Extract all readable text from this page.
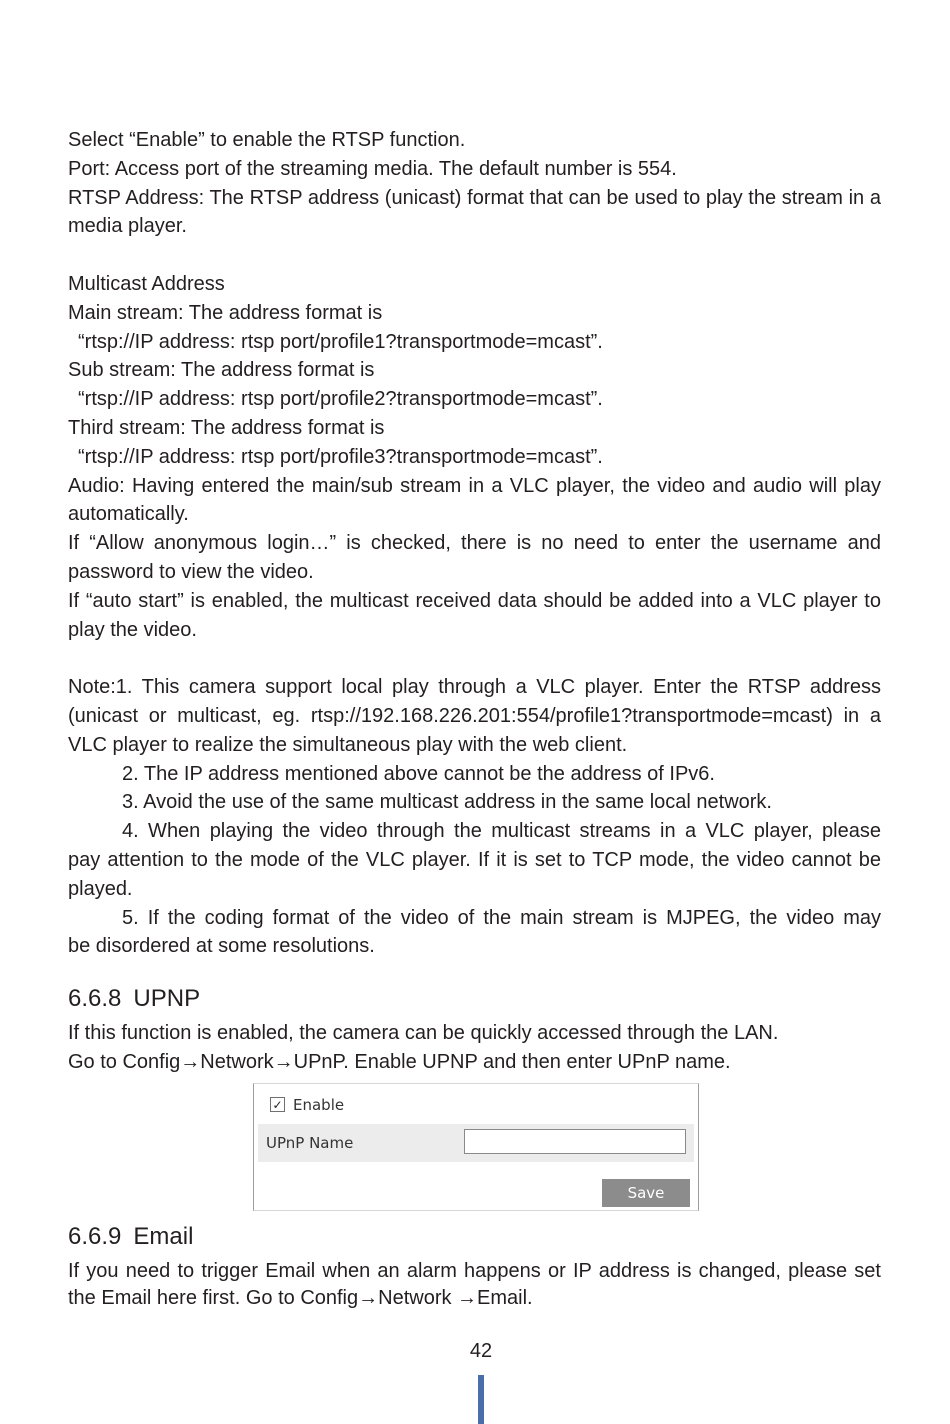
Select “Enable” to enable the RTSP function.

Port: Access port of the streaming media. The default number is 554.

RTSP Address: The RTSP address (unicast) format that can be used to play the stream in a media player.

Multicast Address

Main stream: The address format is

“rtsp://IP address: rtsp port/profile1?transportmode=mcast”.

Sub stream: The address format is

“rtsp://IP address: rtsp port/profile2?transportmode=mcast”.

Third stream: The address format is

“rtsp://IP address: rtsp port/profile3?transportmode=mcast”.

Audio: Having entered the main/sub stream in a VLC player, the video and audio will play automatically.

If “Allow anonymous login…” is checked, there is no need to enter the username and password to view the video.

If “auto start” is enabled, the multicast received data should be added into a VLC player to play the video.

Note:1. This camera support local play through a VLC player. Enter the RTSP address (unicast or multicast, eg. rtsp://192.168.226.201:554/profile1?transportmode=mcast) in a VLC player to realize the simultaneous play with the web client.

2. The IP address mentioned above cannot be the address of IPv6.

3. Avoid the use of the same multicast address in the same local network.

4. When playing the video through the multicast streams in a VLC player, please

pay attention to the mode of the VLC player. If it is set to TCP mode, the video cannot be played.

5. If the coding format of the video of the main stream is MJPEG, the video may

be disordered at some resolutions.

6.6.8 UPNP

If this function is enabled, the camera can be quickly accessed through the LAN.

Go to Config→Network→UPnP. Enable UPNP and then enter UPnP name.

✓ Enable
UPnP Name
Save
6.6.9 Email

If you need to trigger Email when an alarm happens or IP address is changed, please set the Email here first. Go to Config→Network →Email.

42
